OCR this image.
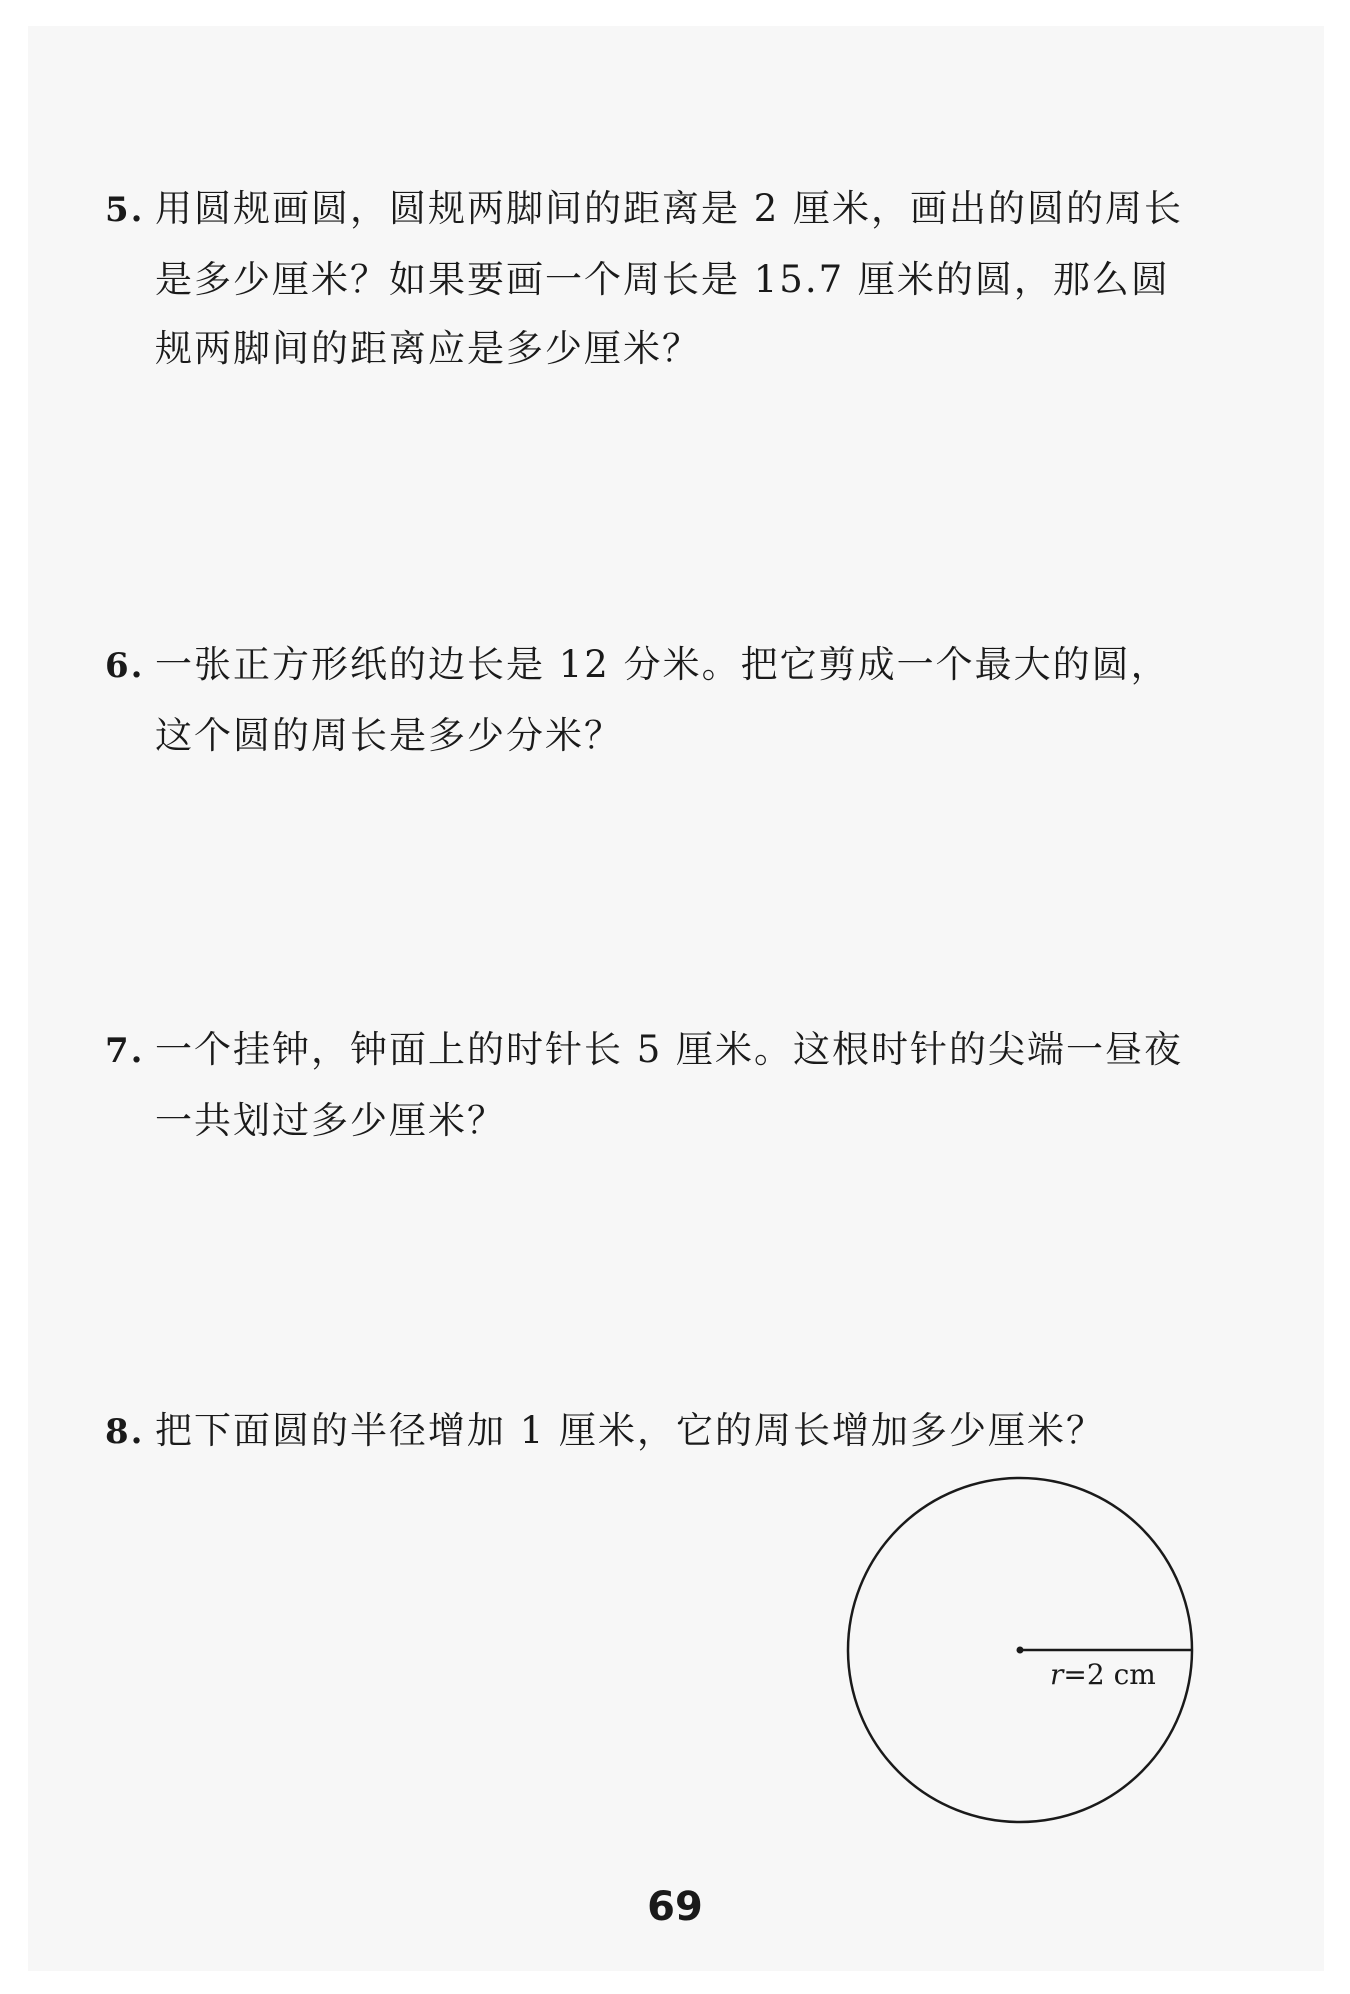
5. 用圆规画圆，圆规两脚间的距离是 2 厘米，画出的圆的周长
是多少厘米？如果要画一个周长是 15.7 厘米的圆，那么圆
规两脚间的距离应是多少厘米？
6. 一张正方形纸的边长是 12 分米。把它剪成一个最大的圆，
这个圆的周长是多少分米？
7. 一个挂钟，钟面上的时针长 5 厘米。这根时针的尖端一昼夜
一共划过多少厘米？
8. 把下面圆的半径增加 1 厘米，它的周长增加多少厘米？
r=2 cm
69
